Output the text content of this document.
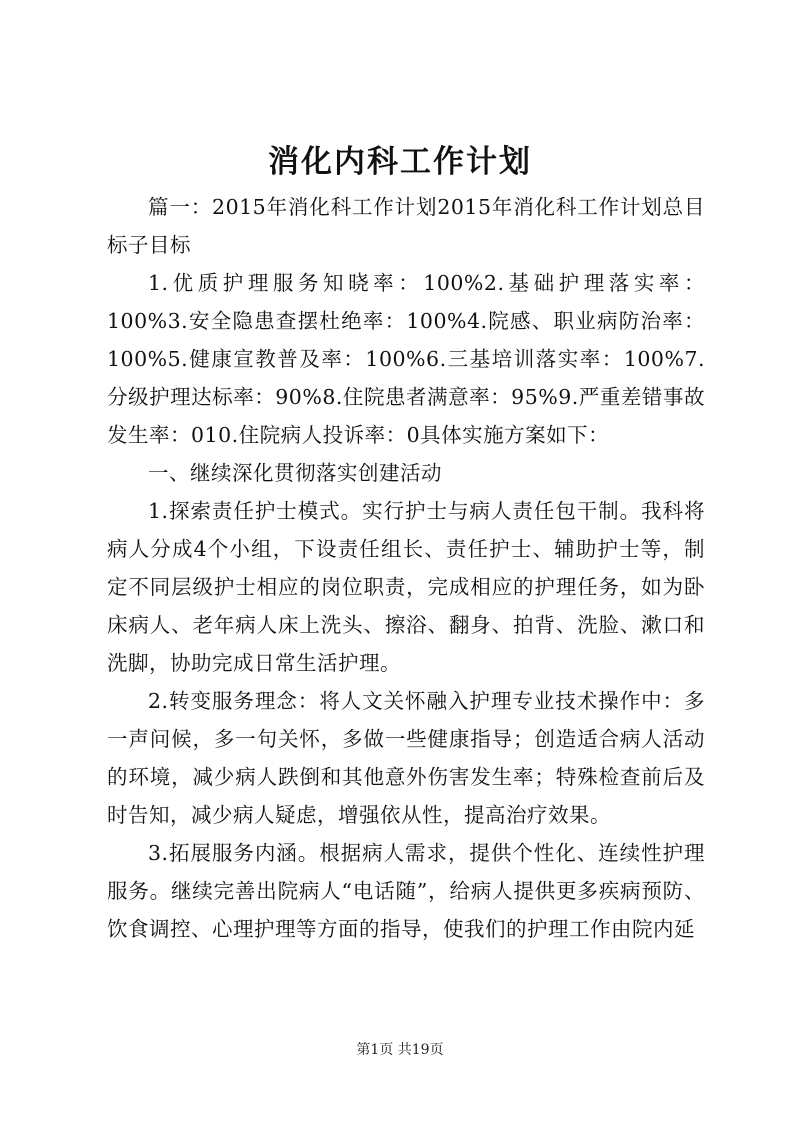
消化内科工作计划

篇一：2015年消化科工作计划2015年消化科工作计划总目标子目标

1.优质护理服务知晓率：100%2.基础护理落实率：100%3.安全隐患查摆杜绝率：100%4.院感、职业病防治率：100%5.健康宣教普及率：100%6.三基培训落实率：100%7.分级护理达标率：90%8.住院患者满意率：95%9.严重差错事故发生率：010.住院病人投诉率：0具体实施方案如下：

一、继续深化贯彻落实创建活动

1.探索责任护士模式。实行护士与病人责任包干制。我科将病人分成4个小组，下设责任组长、责任护士、辅助护士等，制定不同层级护士相应的岗位职责，完成相应的护理任务，如为卧床病人、老年病人床上洗头、擦浴、翻身、拍背、洗脸、漱口和洗脚，协助完成日常生活护理。

2.转变服务理念：将人文关怀融入护理专业技术操作中：多一声问候，多一句关怀，多做一些健康指导；创造适合病人活动的环境，减少病人跌倒和其他意外伤害发生率；特殊检查前后及时告知，减少病人疑虑，增强依从性，提高治疗效果。

3.拓展服务内涵。根据病人需求，提供个性化、连续性护理服务。继续完善出院病人“电话随”，给病人提供更多疾病预防、饮食调控、心理护理等方面的指导，使我们的护理工作由院内延

第1页 共19页
